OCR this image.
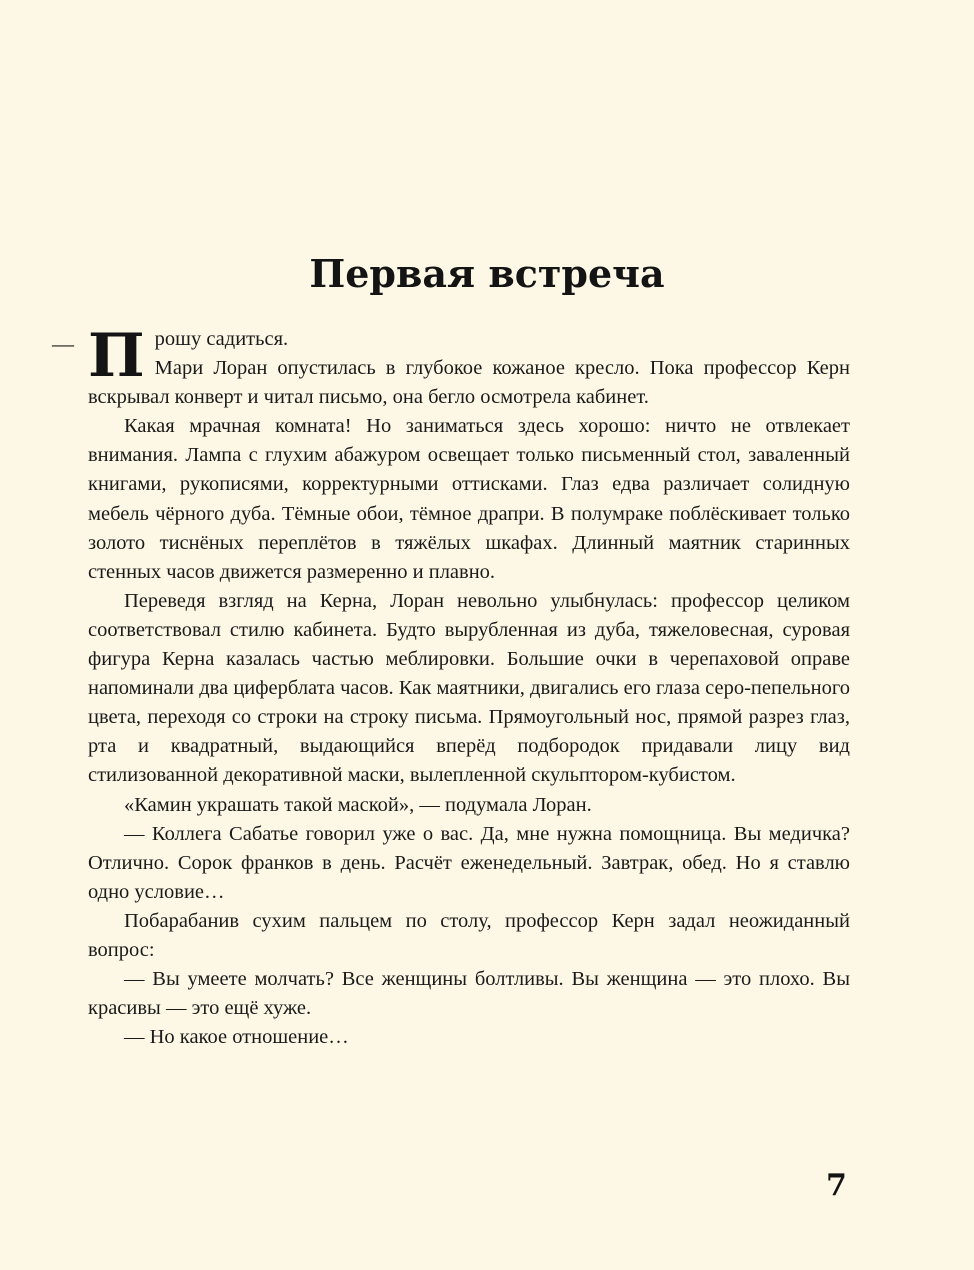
Первая встреча
— Прошу садиться.
Мари Лоран опустилась в глубокое кожаное кресло. Пока профессор Керн вскрывал конверт и читал письмо, она бегло осмотрела кабинет.

Какая мрачная комната! Но заниматься здесь хорошо: ничто не отвлекает внимания. Лампа с глухим абажуром освещает только письменный стол, заваленный книгами, рукописями, корректурными оттисками. Глаз едва различает солидную мебель чёрного дуба. Тёмные обои, тёмное драпри. В полумраке поблёскивает только золото тиснёных переплётов в тяжёлых шкафах. Длинный маятник старинных стенных часов движется размеренно и плавно.

Переведя взгляд на Керна, Лоран невольно улыбнулась: профессор целиком соответствовал стилю кабинета. Будто вырубленная из дуба, тяжеловесная, суровая фигура Керна казалась частью меблировки. Большие очки в черепаховой оправе напоминали два циферблата часов. Как маятники, двигались его глаза серо-пепельного цвета, переходя со строки на строку письма. Прямоугольный нос, прямой разрез глаз, рта и квадратный, выдающийся вперёд подбородок придавали лицу вид стилизованной декоративной маски, вылепленной скульптором-кубистом.

«Камин украшать такой маской», — подумала Лоран.

— Коллега Сабатье говорил уже о вас. Да, мне нужна помощница. Вы медичка? Отлично. Сорок франков в день. Расчёт еженедельный. Завтрак, обед. Но я ставлю одно условие…

Побарабанив сухим пальцем по столу, профессор Керн задал неожиданный вопрос:

— Вы умеете молчать? Все женщины болтливы. Вы женщина — это плохо. Вы красивы — это ещё хуже.

— Но какое отношение…

7
